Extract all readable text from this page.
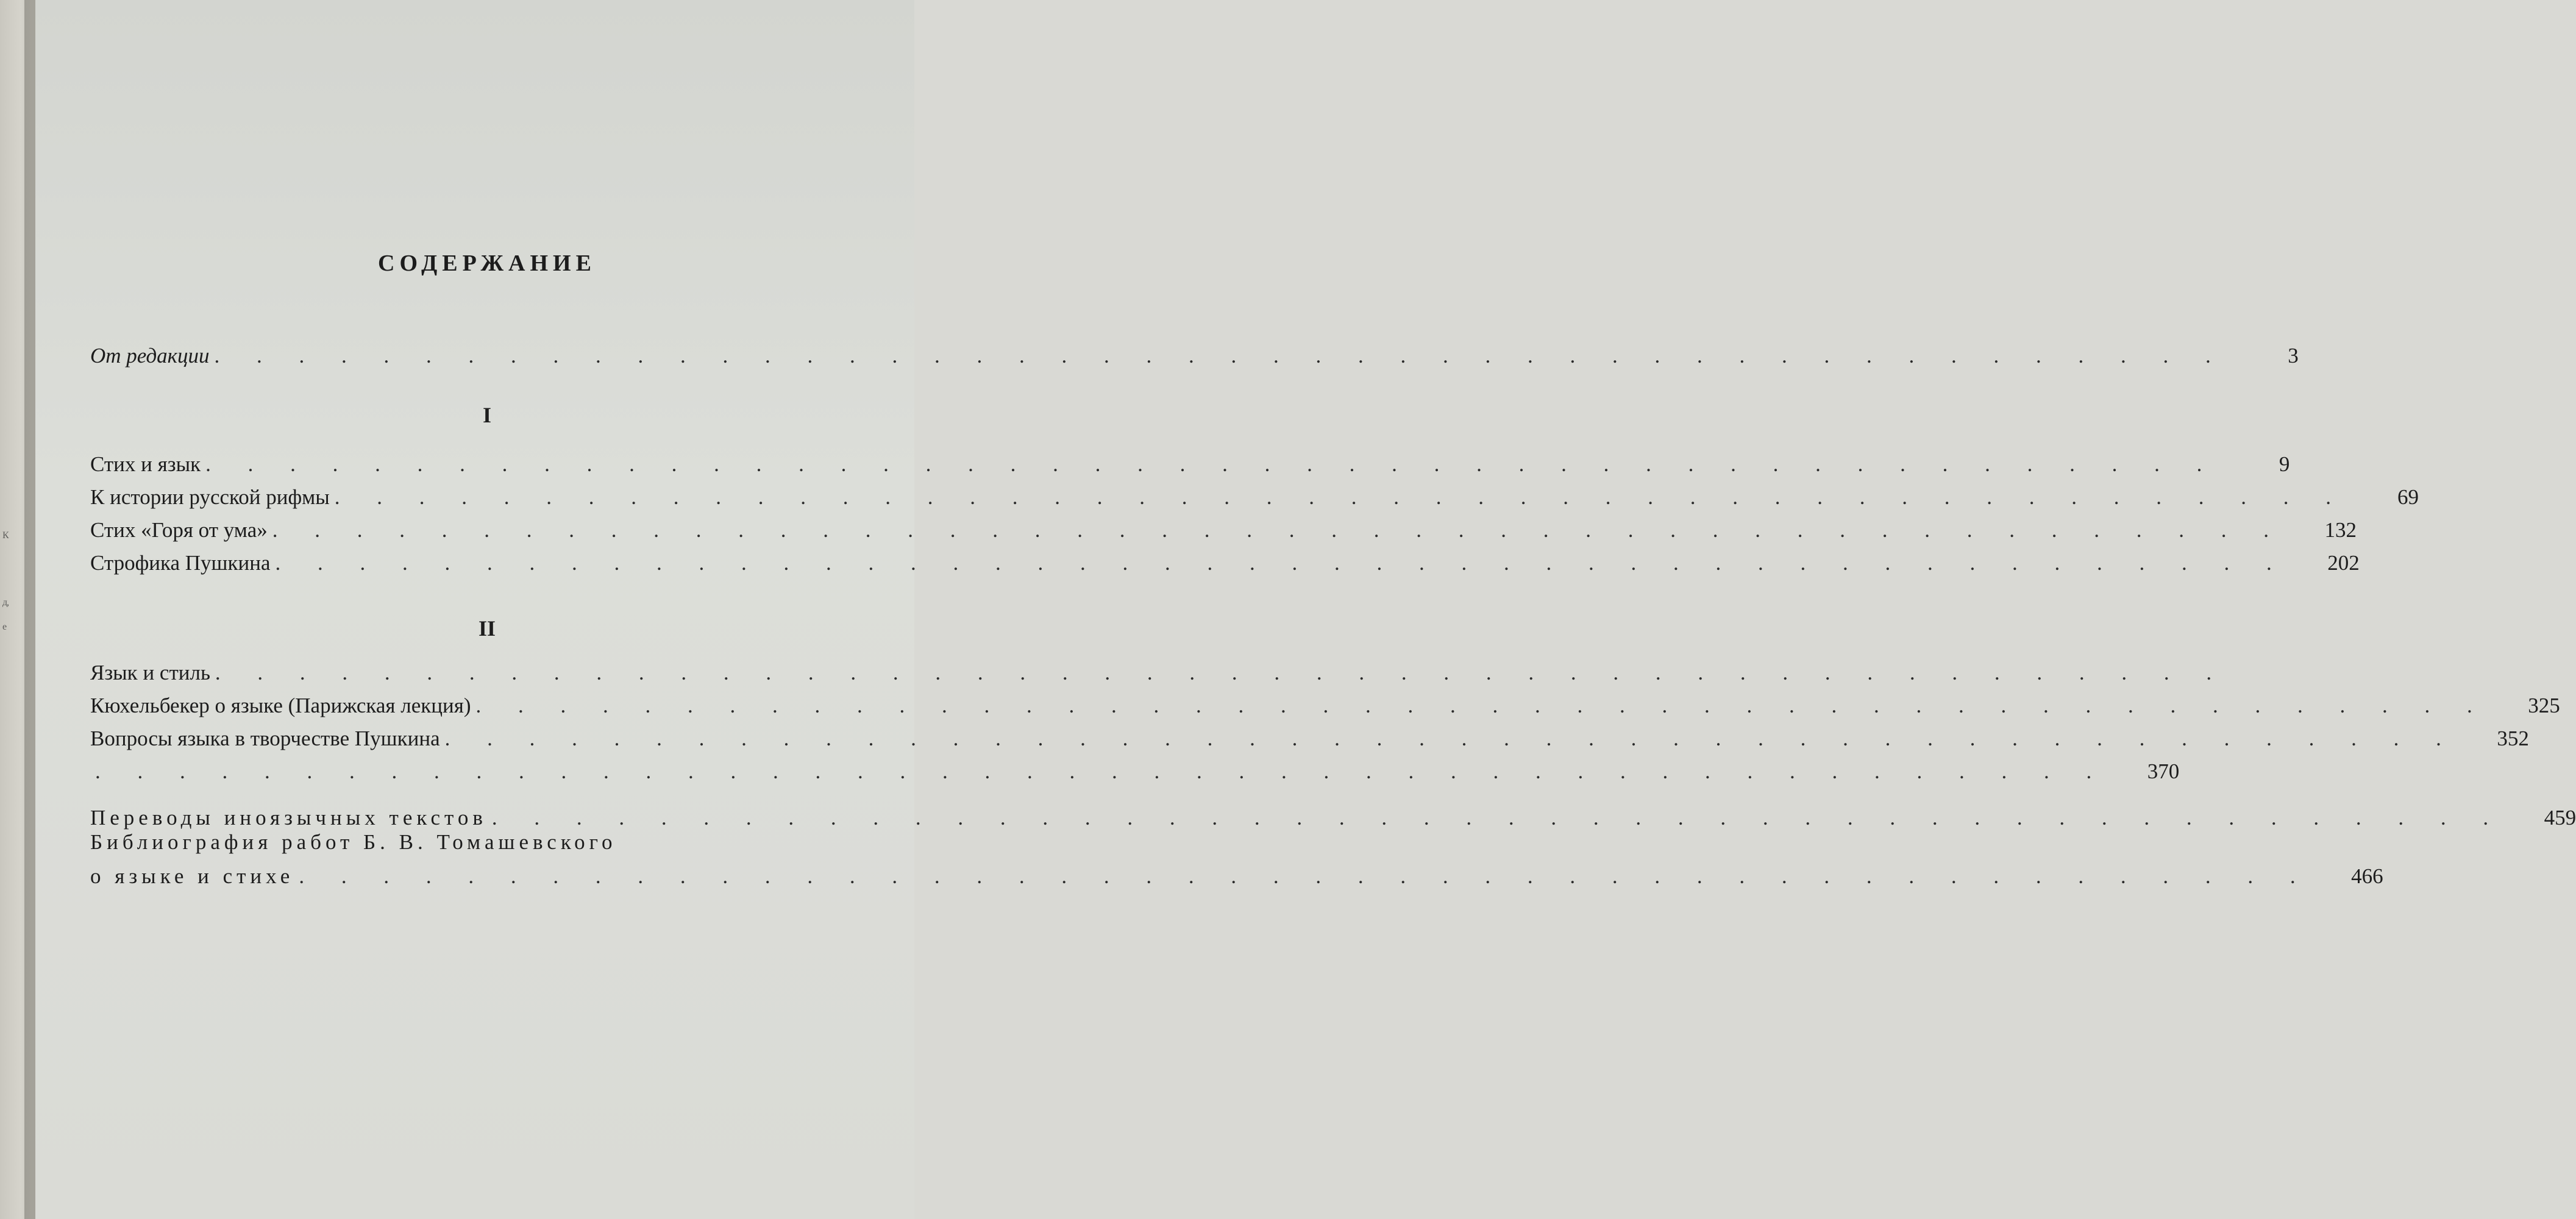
К
д,
е
СОДЕРЖАНИЕ
От редакции . . . . . . . . . . . . . . . . . . . . . . . . . . . . . . . . . . . . . . . . . . . . . . . .	3
I
Стих и язык . . . . . . . . . . . . . . . . . . . . . . . . . . . . . . . . . . . . . . . . . . . . . . . .	9
К истории русской рифмы . . . . . . . . . . . . . . . . . . . . . . . . . . . . . . . . . . . . . . . . . . . . . . . .	69
Стих «Горя от ума» . . . . . . . . . . . . . . . . . . . . . . . . . . . . . . . . . . . . . . . . . . . . . . . .	132
Строфика Пушкина . . . . . . . . . . . . . . . . . . . . . . . . . . . . . . . . . . . . . . . . . . . . . . . .	202
II
Язык и стиль . . . . . . . . . . . . . . . . . . . . . . . . . . . . . . . . . . . . . . . . . . . . . . . .
Кюхельбекер о языке (Парижская лекция) . . . . . . . . . . . . . . . . . . . . . . . . . . . . . . . . . . . . . . . . . . . . . . . .	325
Вопросы языка в творчестве Пушкина . . . . . . . . . . . . . . . . . . . . . . . . . . . . . . . . . . . . . . . . . . . . . . . .	352
. . . . . . . . . . . . . . . . . . . . . . . . . . . . . . . . . . . . . . . . . . . . . . . .	370
Переводы иноязычных текстов . . . . . . . . . . . . . . . . . . . . . . . . . . . . . . . . . . . . . . . . . . . . . . . .	459
Библиография работ Б. В. Томашевского
о языке и стихе . . . . . . . . . . . . . . . . . . . . . . . . . . . . . . . . . . . . . . . . . . . . . . . .	466
